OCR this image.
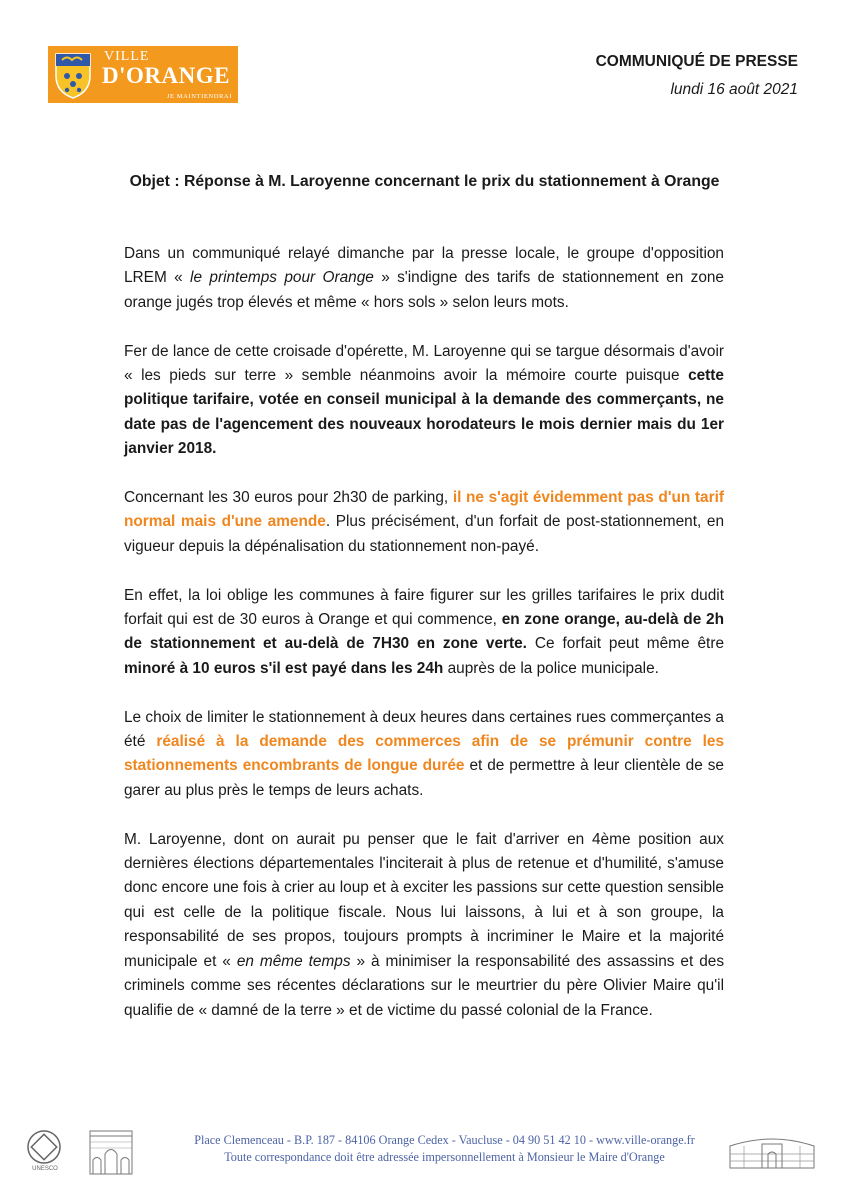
VILLE
D'ORANGE
JE MAINTIENDRAI
COMMUNIQUÉ DE PRESSE
lundi 16 août 2021
Objet : Réponse à M. Laroyenne concernant le prix du stationnement à Orange

Dans un communiqué relayé dimanche par la presse locale, le groupe d'opposition LREM « le printemps pour Orange » s'indigne des tarifs de stationnement en zone orange jugés trop élevés et même « hors sols » selon leurs mots.

Fer de lance de cette croisade d'opérette, M. Laroyenne qui se targue désormais d'avoir « les pieds sur terre » semble néanmoins avoir la mémoire courte puisque cette politique tarifaire, votée en conseil municipal à la demande des commerçants, ne date pas de l'agencement des nouveaux horodateurs le mois dernier mais du 1er janvier 2018.

Concernant les 30 euros pour 2h30 de parking, il ne s'agit évidemment pas d'un tarif normal mais d'une amende. Plus précisément, d'un forfait de post-stationnement, en vigueur depuis la dépénalisation du stationnement non-payé.

En effet, la loi oblige les communes à faire figurer sur les grilles tarifaires le prix dudit forfait qui est de 30 euros à Orange et qui commence, en zone orange, au-delà de 2h de stationnement et au-delà de 7H30 en zone verte. Ce forfait peut même être minoré à 10 euros s'il est payé dans les 24h auprès de la police municipale.

Le choix de limiter le stationnement à deux heures dans certaines rues commerçantes a été réalisé à la demande des commerces afin de se prémunir contre les stationnements encombrants de longue durée et de permettre à leur clientèle de se garer au plus près le temps de leurs achats.

M. Laroyenne, dont on aurait pu penser que le fait d'arriver en 4ème position aux dernières élections départementales l'inciterait à plus de retenue et d'humilité, s'amuse donc encore une fois à crier au loup et à exciter les passions sur cette question sensible qui est celle de la politique fiscale. Nous lui laissons, à lui et à son groupe, la responsabilité de ses propos, toujours prompts à incriminer le Maire et la majorité municipale et « en même temps » à minimiser la responsabilité des assassins et des criminels comme ses récentes déclarations sur le meurtrier du père Olivier Maire qu'il qualifie de « damné de la terre » et de victime du passé colonial de la France.

UNESCO
Place Clemenceau - B.P. 187 - 84106 Orange Cedex - Vaucluse - 04 90 51 42 10 - www.ville-orange.fr
Toute correspondance doit être adressée impersonnellement à Monsieur le Maire d'Orange
